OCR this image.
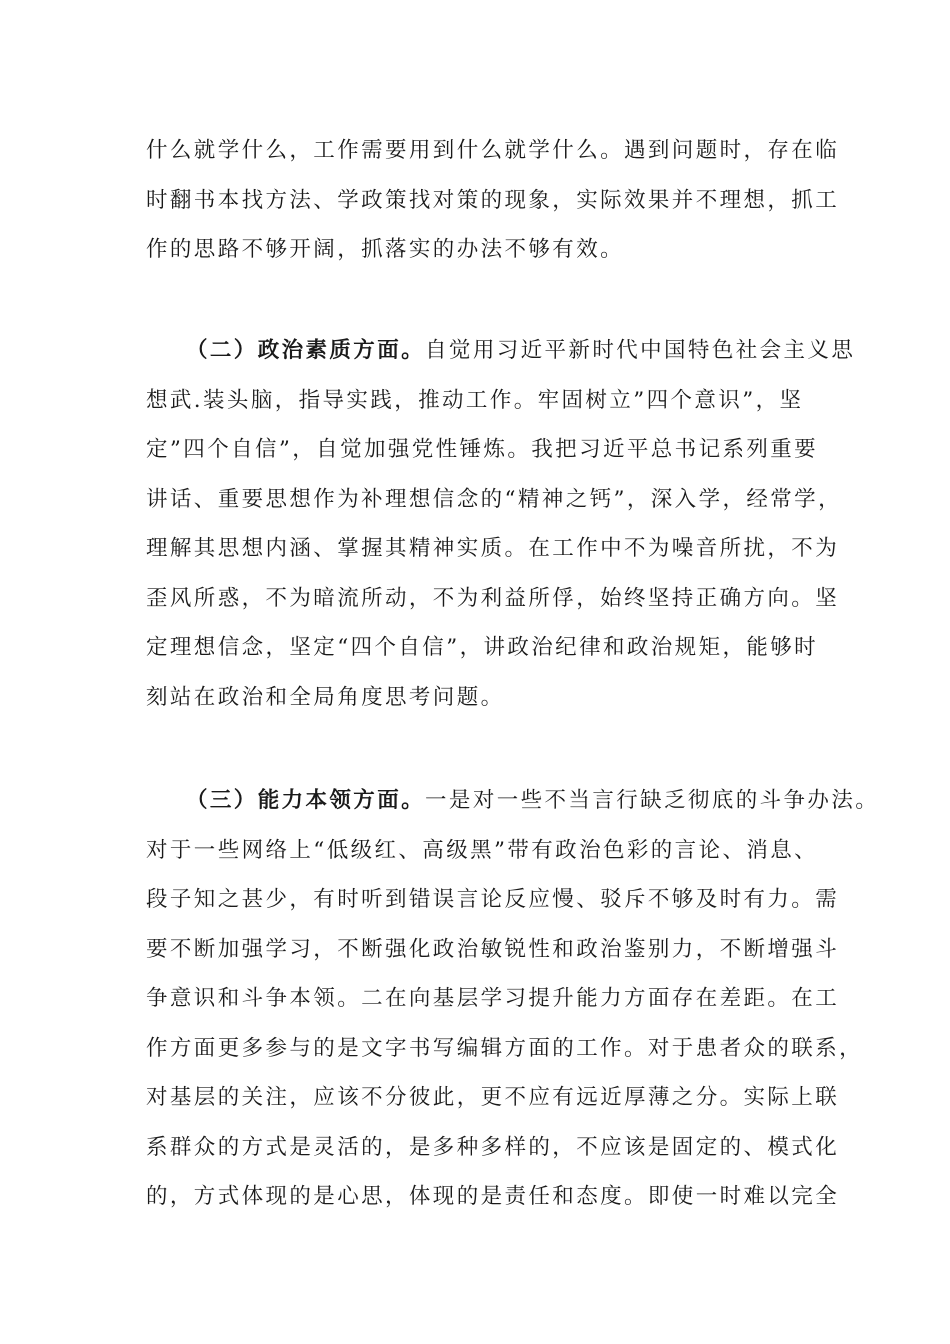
什么就学什么，工作需要用到什么就学什么。遇到问题时，存在临
时翻书本找方法、学政策找对策的现象，实际效果并不理想，抓工
作的思路不够开阔，抓落实的办法不够有效。
（二）政治素质方面。自觉用习近平新时代中国特色社会主义思
想武.装头脑，指导实践，推动工作。牢固树立”四个意识”，坚
定”四个自信”，自觉加强党性锤炼。我把习近平总书记系列重要
讲话、重要思想作为补理想信念的“精神之钙”，深入学，经常学，
理解其思想内涵、掌握其精神实质。在工作中不为噪音所扰，不为
歪风所惑，不为暗流所动，不为利益所俘，始终坚持正确方向。坚
定理想信念，坚定“四个自信”，讲政治纪律和政治规矩，能够时
刻站在政治和全局角度思考问题。
（三）能力本领方面。一是对一些不当言行缺乏彻底的斗争办法。
对于一些网络上“低级红、高级黑”带有政治色彩的言论、消息、
段子知之甚少，有时听到错误言论反应慢、驳斥不够及时有力。需
要不断加强学习，不断强化政治敏锐性和政治鉴别力，不断增强斗
争意识和斗争本领。二在向基层学习提升能力方面存在差距。在工
作方面更多参与的是文字书写编辑方面的工作。对于患者众的联系，
对基层的关注，应该不分彼此，更不应有远近厚薄之分。实际上联
系群众的方式是灵活的，是多种多样的，不应该是固定的、模式化
的，方式体现的是心思，体现的是责任和态度。即使一时难以完全
